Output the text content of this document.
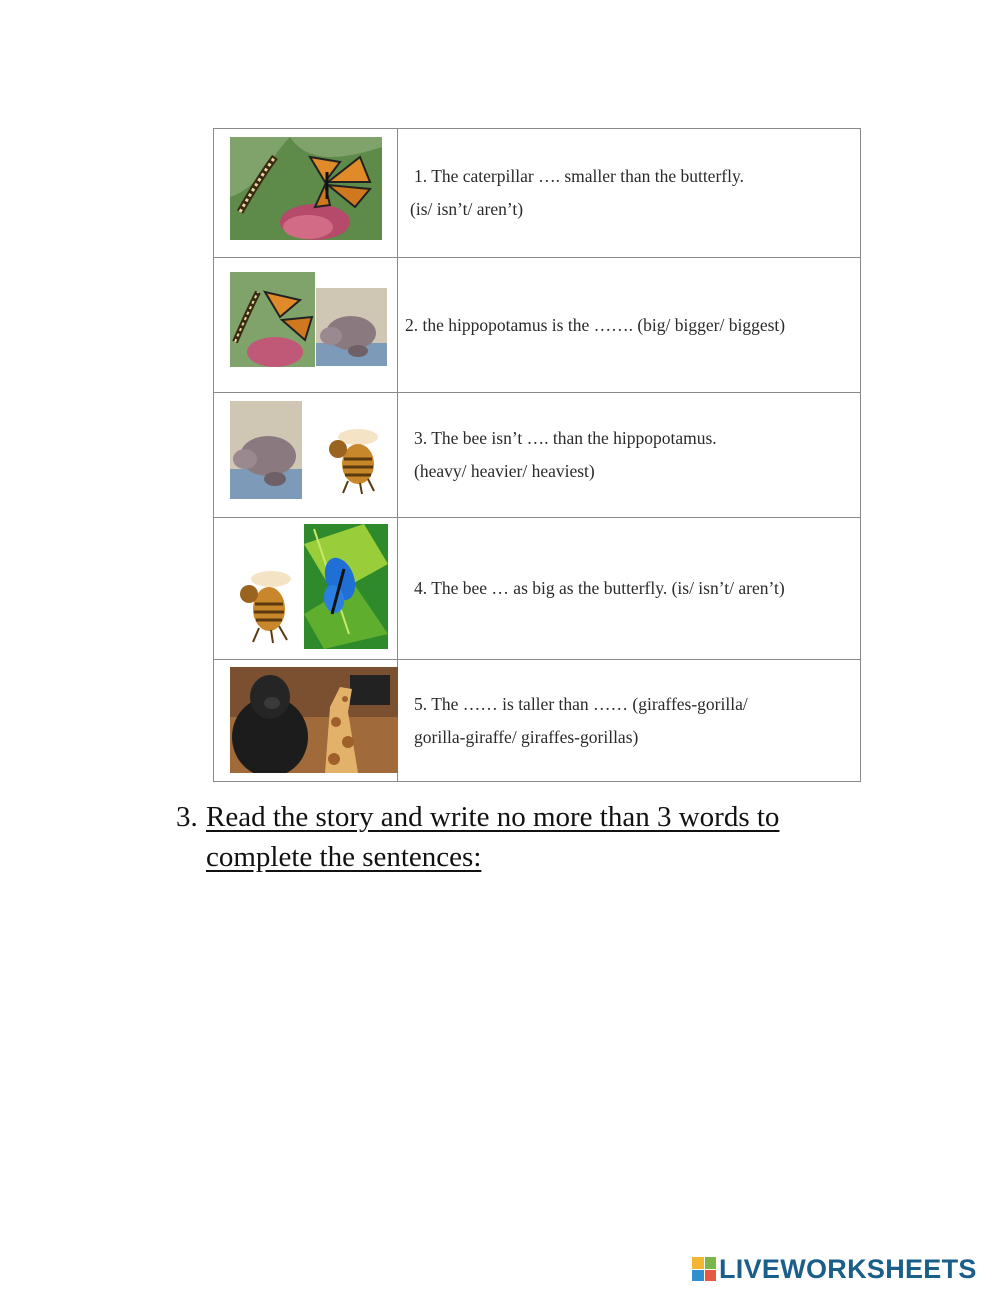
1. The caterpillar …. smaller than the butterfly.
(is/ isn’t/ aren’t)

2. the hippopotamus is the ……. (big/ bigger/ biggest)

3. The bee isn’t …. than the hippopotamus.
(heavy/ heavier/ heaviest)

4. The bee … as big as the butterfly. (is/ isn’t/ aren’t)

5. The …… is taller than …… (giraffes-gorilla/
gorilla-giraffe/ giraffes-gorillas)
3. Read the story and write no more than 3 words to
complete the sentences:
LIVEWORKSHEETS
